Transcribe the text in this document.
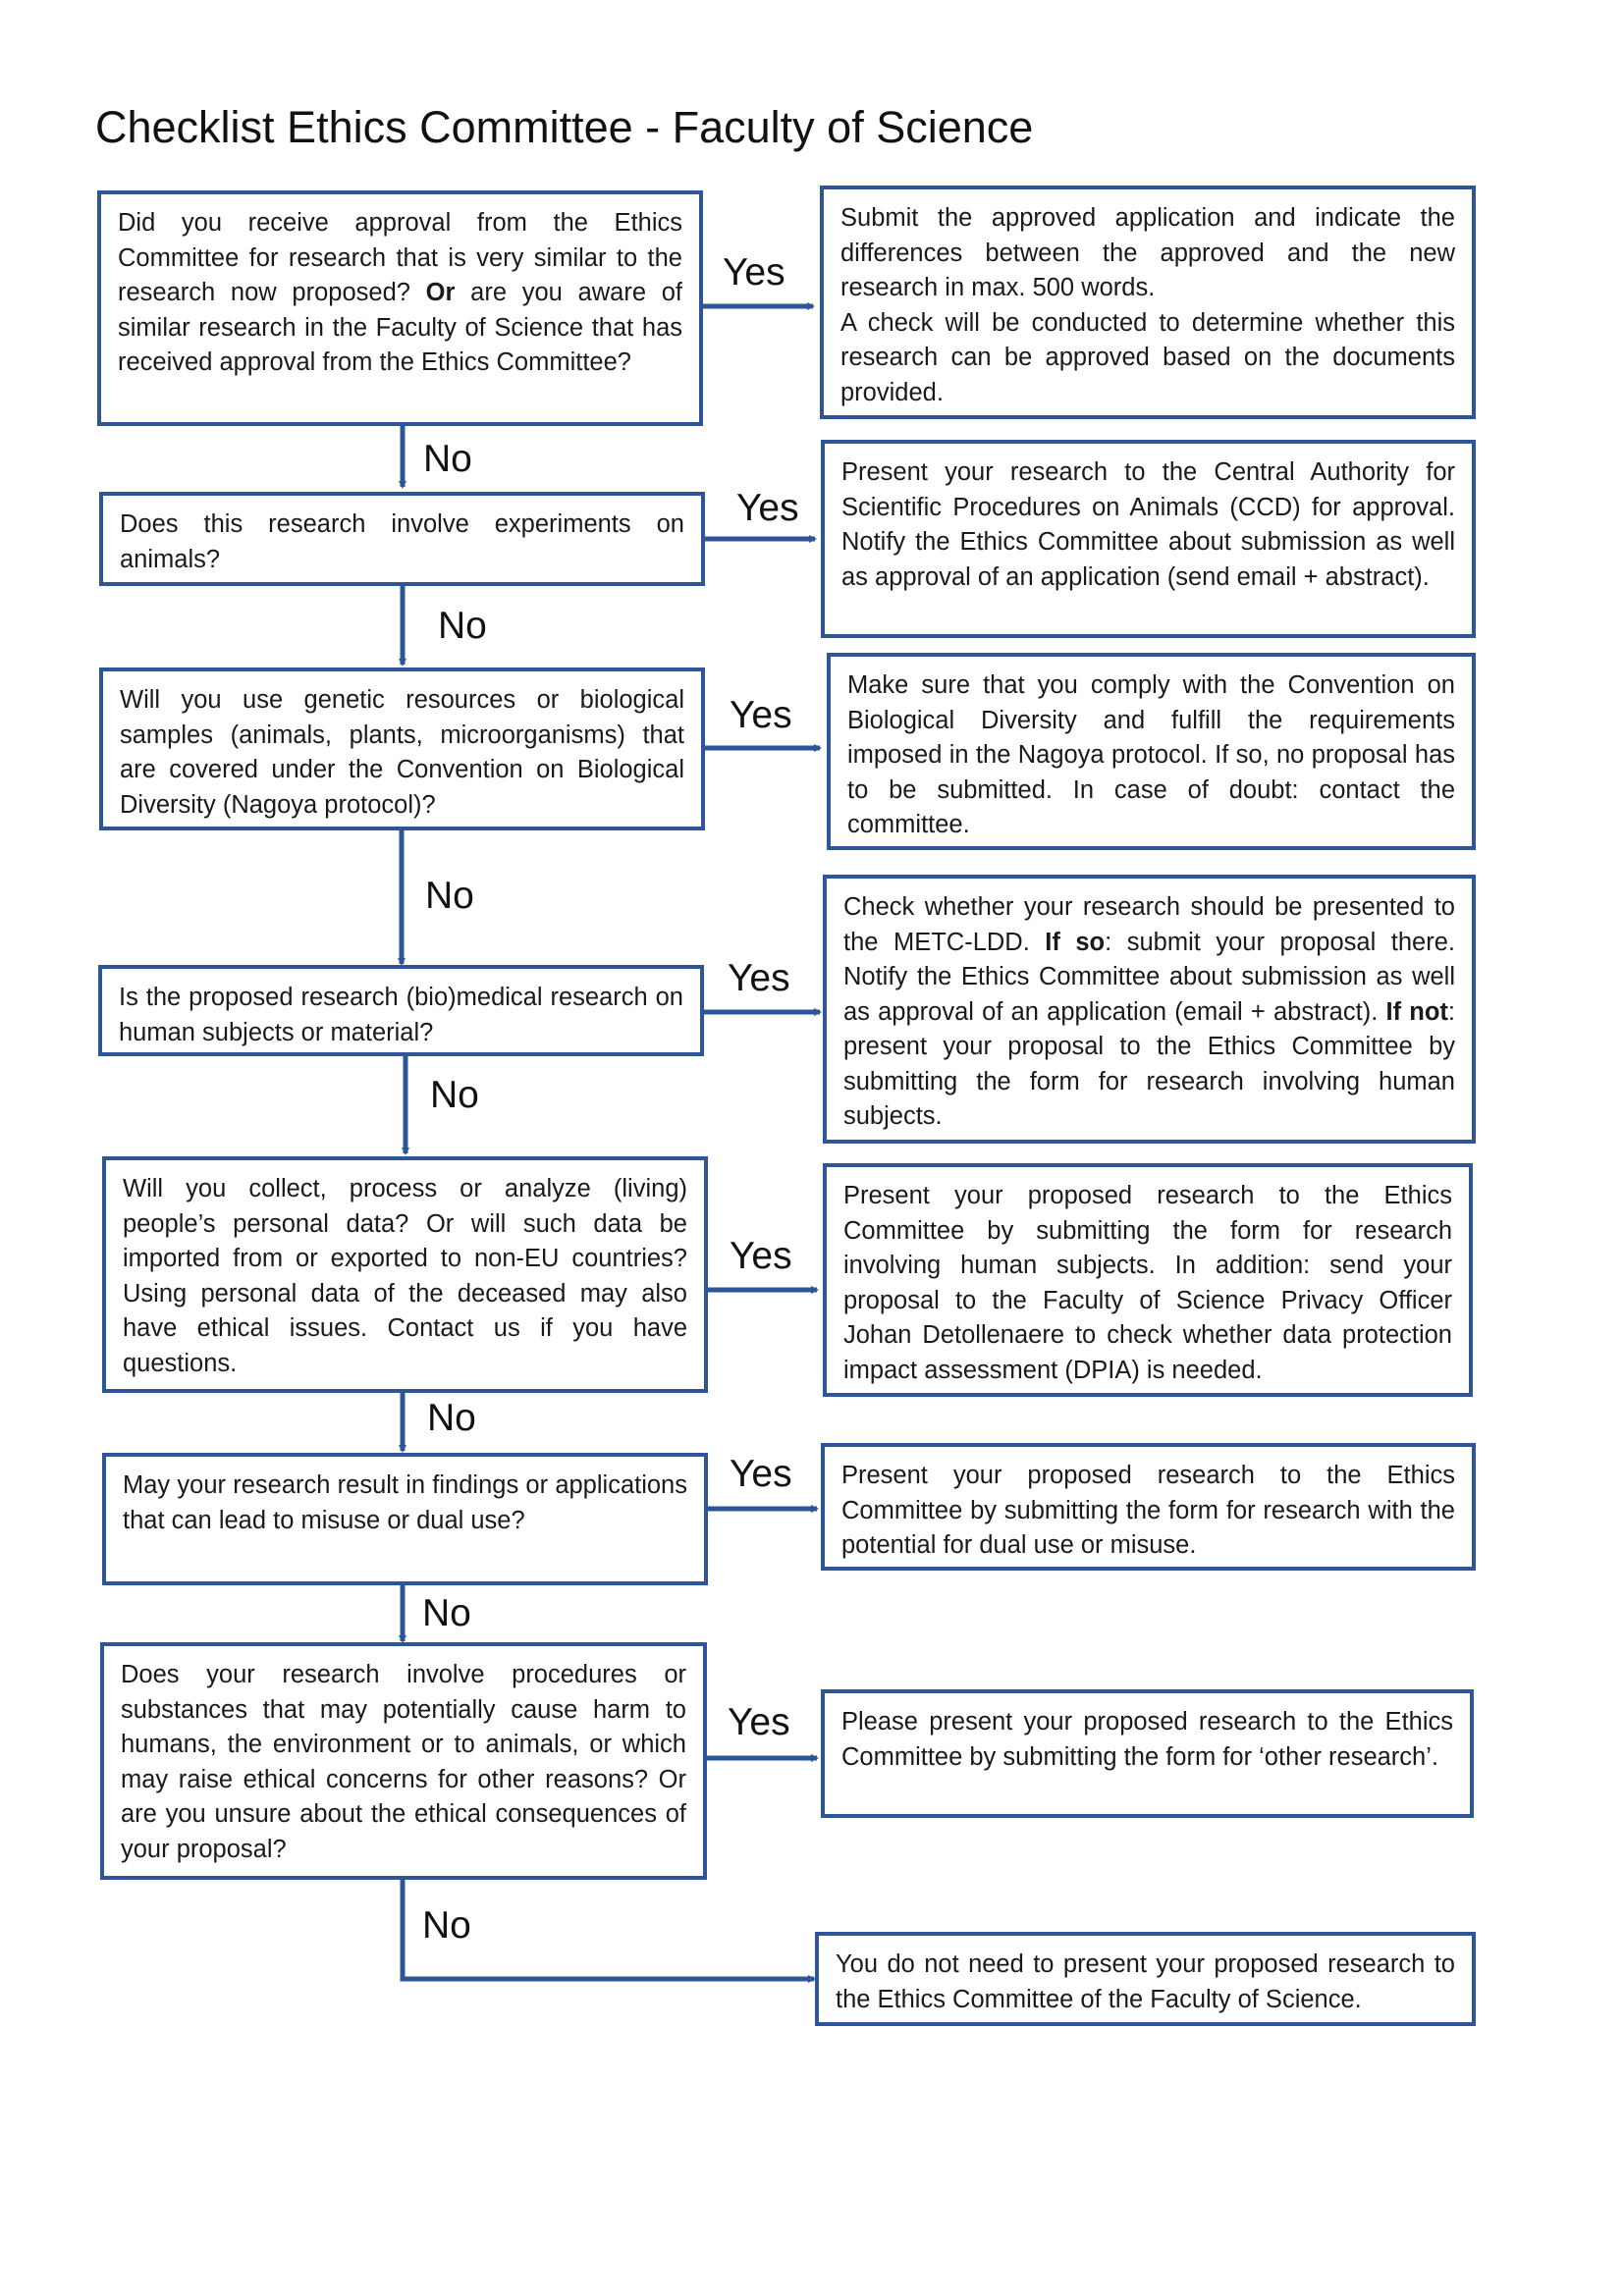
Checklist Ethics Committee - Faculty of Science
Did you receive approval from the Ethics Committee for research that is very similar to the research now proposed? Or are you aware of similar research in the Faculty of Science that has received approval from the Ethics Committee?
Does this research involve experiments on animals?
Will you use genetic resources or biological samples (animals, plants, microorganisms) that are covered under the Convention on Biological Diversity (Nagoya protocol)?
Is the proposed research (bio)medical research on human subjects or material?
Will you collect, process or analyze (living) people’s personal data? Or will such data be imported from or exported to non-EU countries? Using personal data of the deceased may also have ethical issues. Contact us if you have questions.
May your research result in findings or applications that can lead to misuse or dual use?
Does your research involve procedures or substances that may potentially cause harm to humans, the environment or to animals, or which may raise ethical concerns for other reasons? Or are you unsure about the ethical consequences of your proposal?
Submit the approved application and indicate the differences between the approved and the new research in max. 500 words.
A check will be conducted to determine whether this research can be approved based on the documents provided.
Present your research to the Central Authority for Scientific Procedures on Animals (CCD) for approval. Notify the Ethics Committee about submission as well as approval of an application (send email + abstract).
Make sure that you comply with the Convention on Biological Diversity and fulfill the requirements imposed in the Nagoya protocol. If so, no proposal has to be submitted. In case of doubt: contact the committee.
Check whether your research should be presented to the METC-LDD. If so: submit your proposal there. Notify the Ethics Committee about submission as well as approval of an application (email + abstract). If not: present your proposal to the Ethics Committee by submitting the form for research involving human subjects.
Present your proposed research to the Ethics Committee by submitting the form for research involving human subjects. In addition: send your proposal to the Faculty of Science Privacy Officer Johan Detollenaere to check whether data protection impact assessment (DPIA) is needed.
Present your proposed research to the Ethics Committee by submitting the form for research with the potential for dual use or misuse.
Please present your proposed research to the Ethics Committee by submitting the form for ‘other research’.
You do not need to present your proposed research to the Ethics Committee of the Faculty of Science.
Yes
Yes
Yes
Yes
Yes
Yes
Yes
No
No
No
No
No
No
No
